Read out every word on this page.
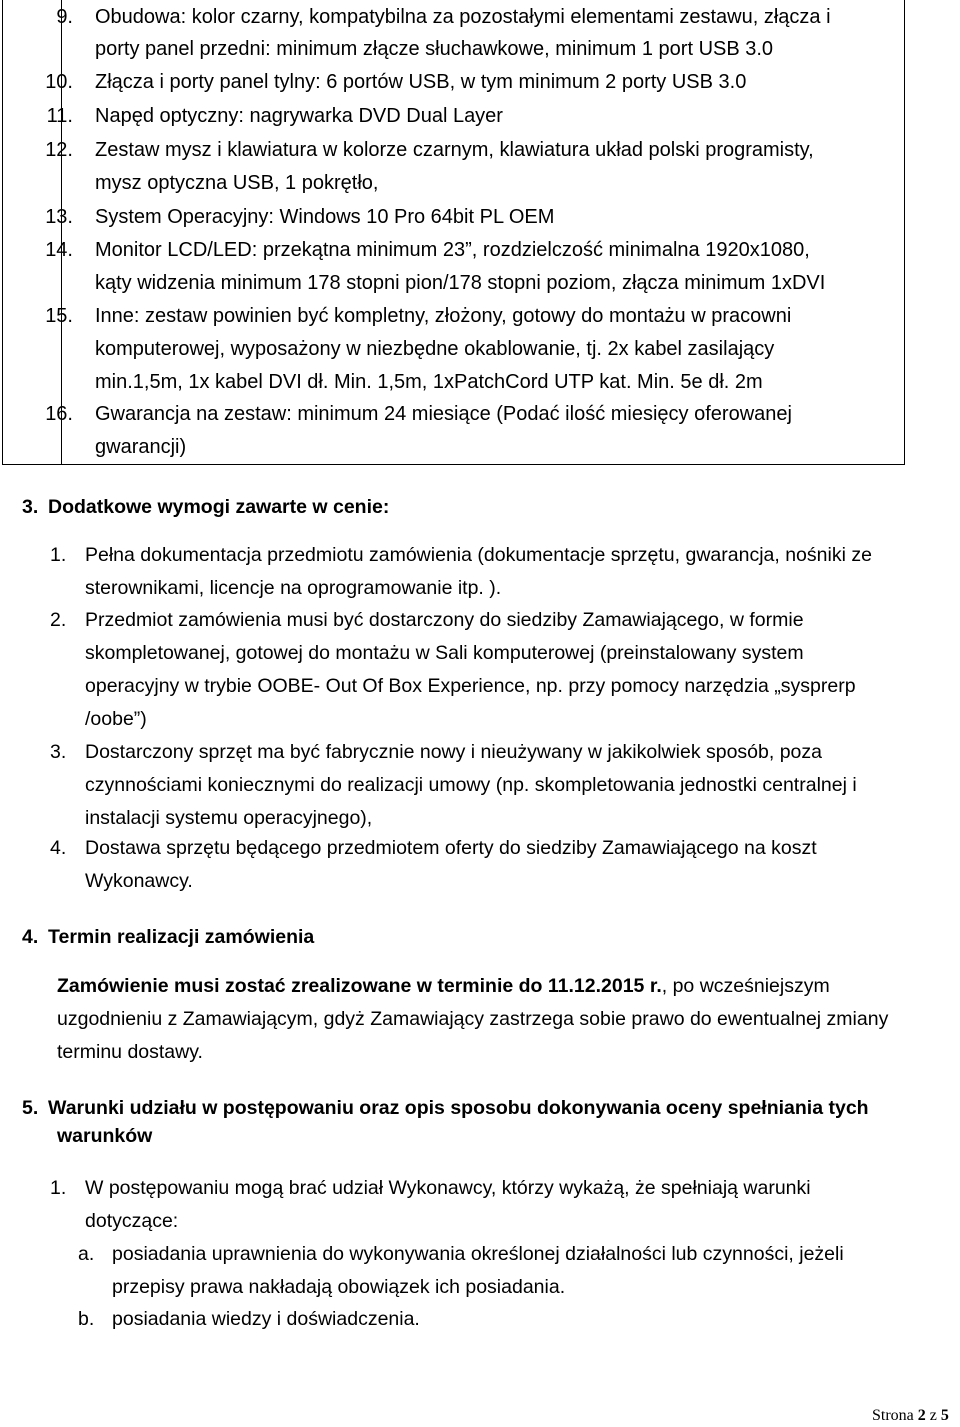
9. Obudowa: kolor czarny, kompatybilna za pozostałymi elementami zestawu, złącza i
porty panel przedni: minimum złącze słuchawkowe, minimum 1 port USB 3.0
10. Złącza i porty panel tylny: 6 portów USB, w tym minimum 2 porty USB 3.0
11. Napęd optyczny: nagrywarka DVD Dual Layer
12. Zestaw mysz i klawiatura w kolorze czarnym, klawiatura układ polski programisty,
mysz optyczna USB, 1 pokrętło,
13. System Operacyjny: Windows 10 Pro 64bit PL OEM
14. Monitor LCD/LED: przekątna minimum 23”, rozdzielczość minimalna 1920x1080,
kąty widzenia minimum 178 stopni pion/178 stopni poziom, złącza minimum 1xDVI
15. Inne: zestaw powinien być kompletny, złożony, gotowy do montażu w pracowni
komputerowej, wyposażony w niezbędne okablowanie, tj. 2x kabel zasilający
min.1,5m, 1x kabel DVI dł. Min. 1,5m, 1xPatchCord UTP kat. Min. 5e dł. 2m
16. Gwarancja na zestaw: minimum 24 miesiące (Podać ilość miesięcy oferowanej
gwarancji)
3. Dodatkowe wymogi zawarte w cenie:
1. Pełna dokumentacja przedmiotu zamówienia (dokumentacje sprzętu, gwarancja, nośniki ze
sterownikami, licencje na oprogramowanie itp. ).
2. Przedmiot zamówienia musi być dostarczony do siedziby Zamawiającego, w formie
skompletowanej, gotowej do montażu w Sali komputerowej (preinstalowany system
operacyjny w trybie OOBE- Out Of Box Experience, np. przy pomocy narzędzia „sysprerp
/oobe”)
3. Dostarczony sprzęt ma być fabrycznie nowy i nieużywany w jakikolwiek sposób, poza
czynnościami koniecznymi do realizacji umowy (np. skompletowania jednostki centralnej i
instalacji systemu operacyjnego),
4. Dostawa sprzętu będącego przedmiotem oferty do siedziby Zamawiającego na koszt
Wykonawcy.
4. Termin realizacji zamówienia
Zamówienie musi zostać zrealizowane w terminie do 11.12.2015 r., po wcześniejszym
uzgodnieniu z Zamawiającym, gdyż Zamawiający zastrzega sobie prawo do ewentualnej zmiany
terminu dostawy.
5. Warunki udziału w postępowaniu oraz opis sposobu dokonywania oceny spełniania tych
warunków
1. W postępowaniu mogą brać udział Wykonawcy, którzy wykażą, że spełniają warunki
dotyczące:
a. posiadania uprawnienia do wykonywania określonej działalności lub czynności, jeżeli
przepisy prawa nakładają obowiązek ich posiadania.
b. posiadania wiedzy i doświadczenia.
Strona 2 z 5
